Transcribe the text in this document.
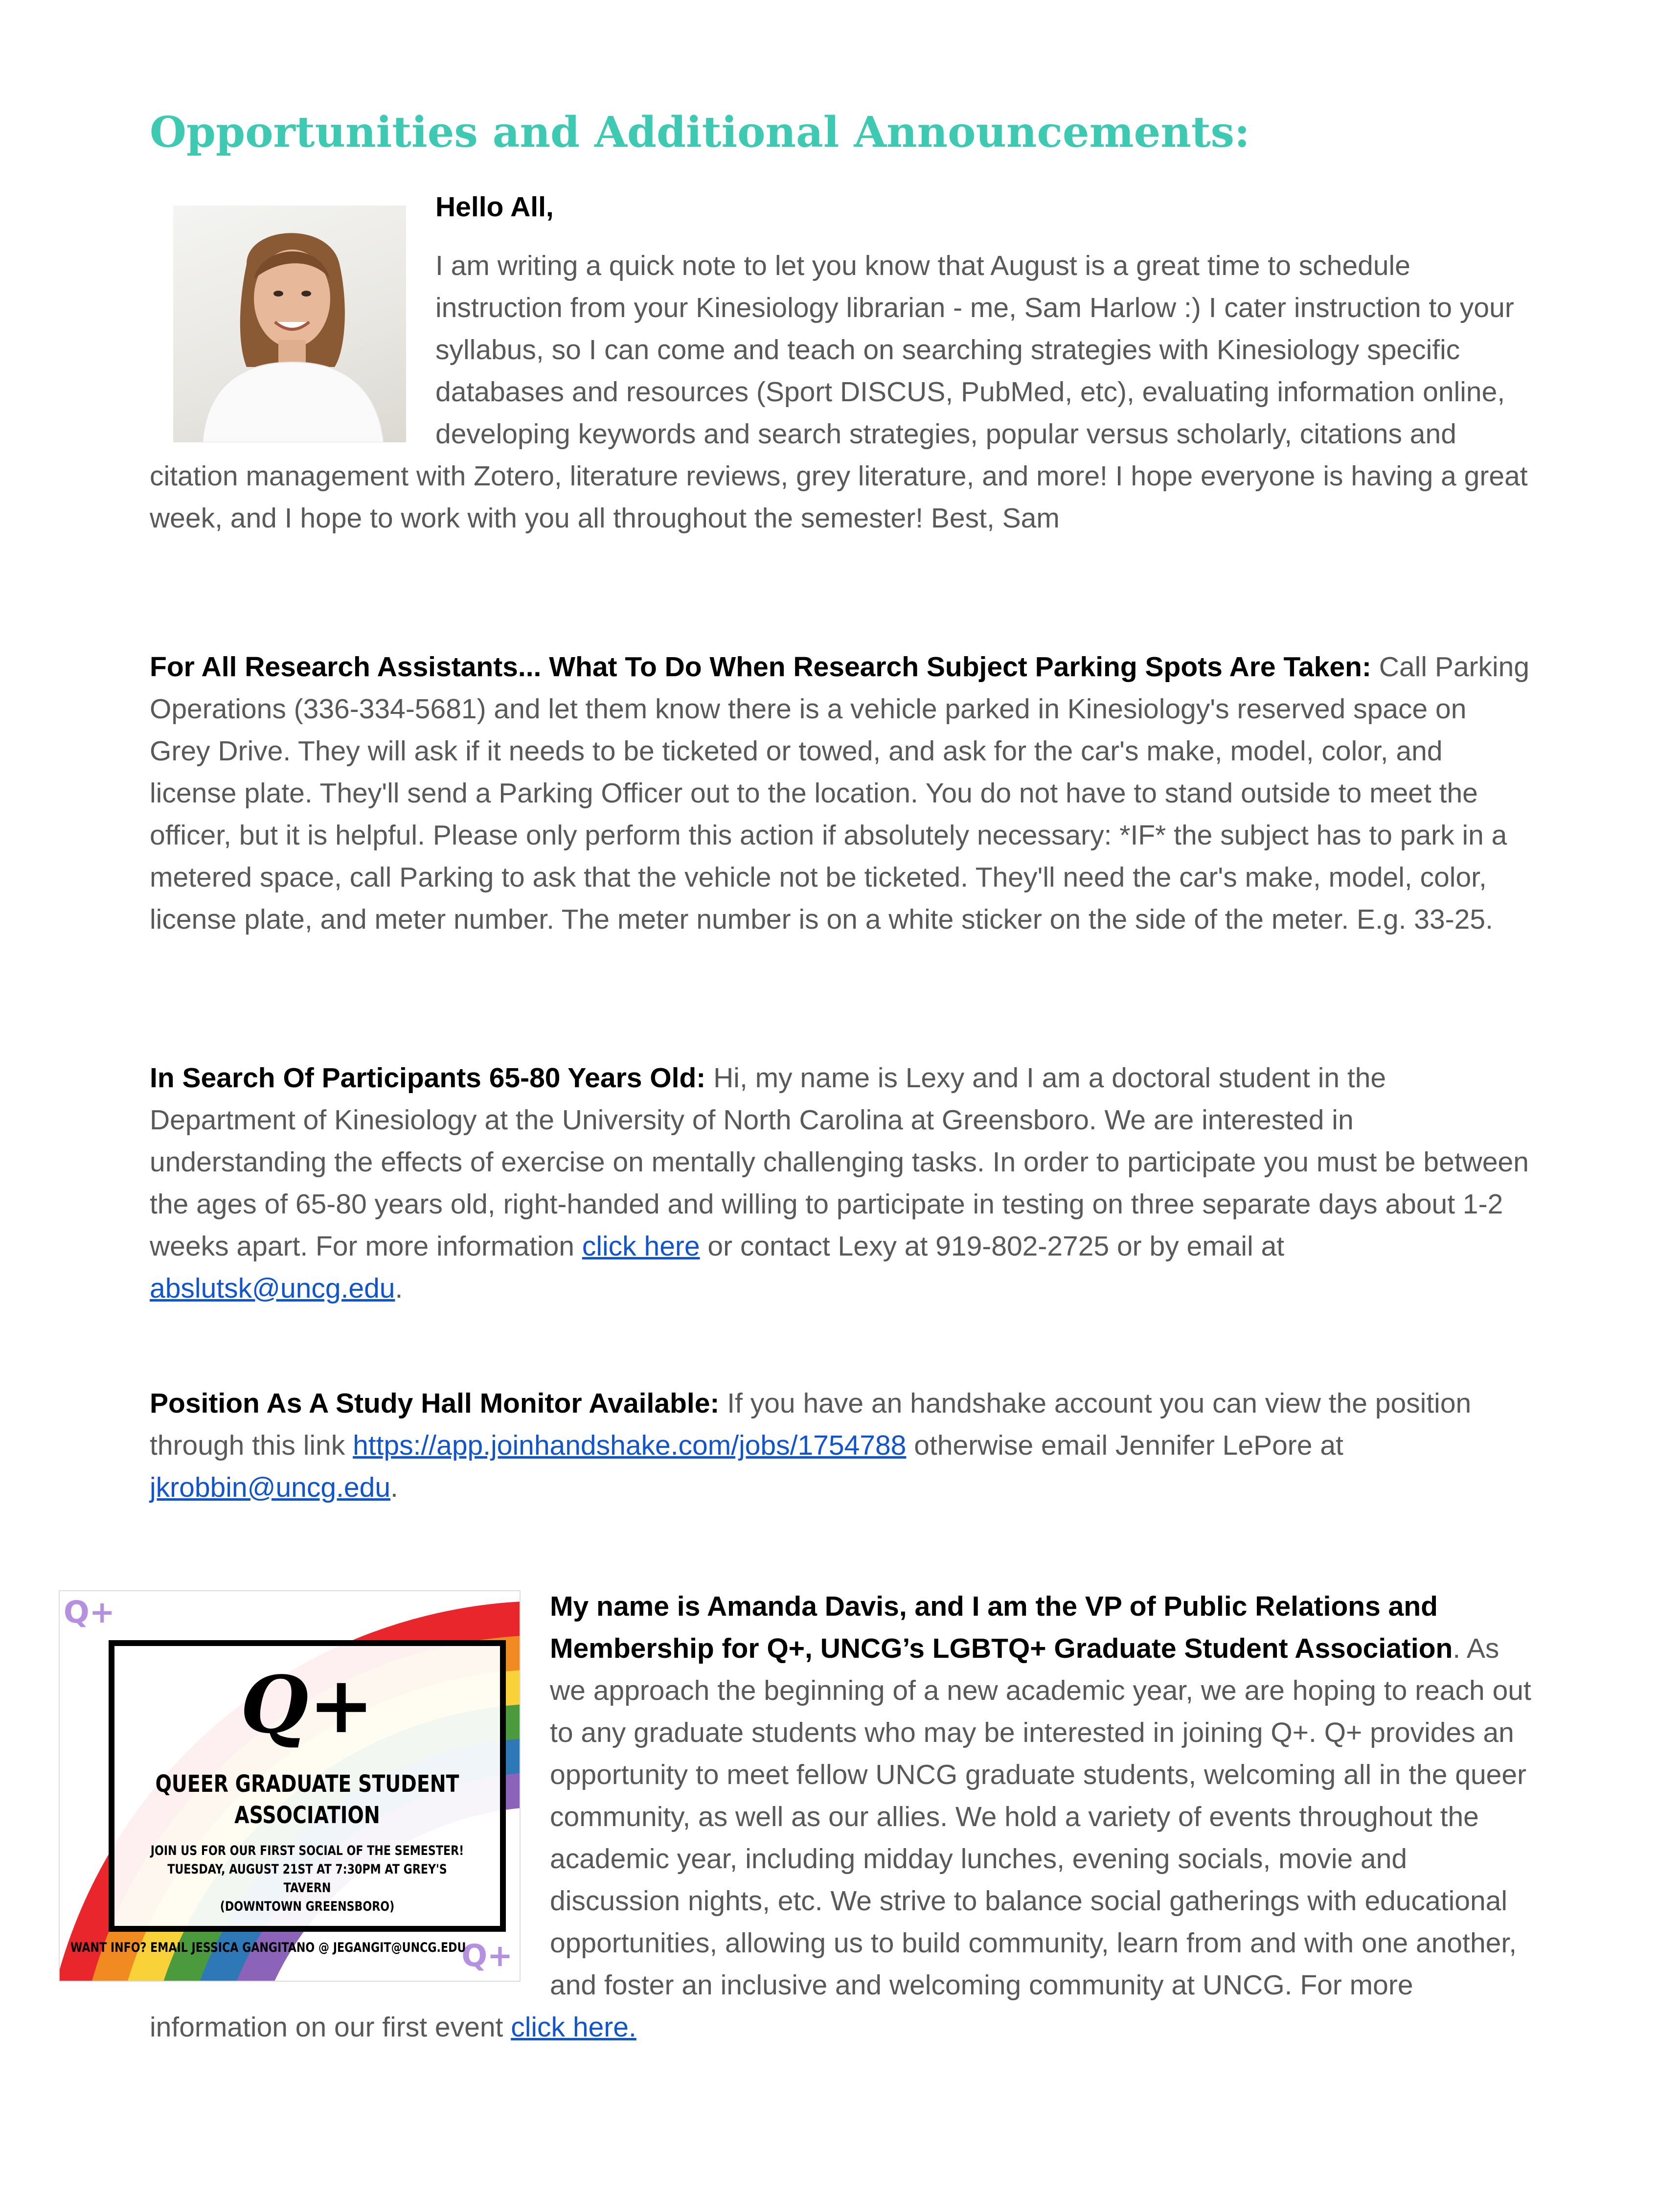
Opportunities and Additional Announcements:
Hello All,
I am writing a quick note to let you know that August is a great time to schedule instruction from your Kinesiology librarian - me, Sam Harlow :) I cater instruction to your syllabus, so I can come and teach on searching strategies with Kinesiology specific databases and resources (Sport DISCUS, PubMed, etc), evaluating information online, developing keywords and search strategies, popular versus scholarly, citations and citation management with Zotero, literature reviews, grey literature, and more! I hope everyone is having a great week, and I hope to work with you all throughout the semester! Best, Sam

For All Research Assistants... What To Do When Research Subject Parking Spots Are Taken: Call Parking Operations (336-334-5681) and let them know there is a vehicle parked in Kinesiology's reserved space on Grey Drive. They will ask if it needs to be ticketed or towed, and ask for the car's make, model, color, and license plate. They'll send a Parking Officer out to the location. You do not have to stand outside to meet the officer, but it is helpful. Please only perform this action if absolutely necessary: *IF* the subject has to park in a metered space, call Parking to ask that the vehicle not be ticketed. They'll need the car's make, model, color, license plate, and meter number. The meter number is on a white sticker on the side of the meter. E.g. 33-25.

In Search Of Participants 65-80 Years Old: Hi, my name is Lexy and I am a doctoral student in the Department of Kinesiology at the University of North Carolina at Greensboro. We are interested in understanding the effects of exercise on mentally challenging tasks. In order to participate you must be between the ages of 65-80 years old, right-handed and willing to participate in testing on three separate days about 1-2 weeks apart. For more information click here or contact Lexy at 919-802-2725 or by email at abslutsk@uncg.edu.

Position As A Study Hall Monitor Available: If you have an handshake account you can view the position through this link https://app.joinhandshake.com/jobs/1754788 otherwise email Jennifer LePore at jkrobbin@uncg.edu.

Q+
Q+
Q+
QUEER GRADUATE STUDENT
ASSOCIATION
JOIN US FOR OUR FIRST SOCIAL OF THE SEMESTER!
TUESDAY, AUGUST 21ST AT 7:30PM AT GREY'S TAVERN
(DOWNTOWN GREENSBORO)
WANT INFO? EMAIL JESSICA GANGITANO @ JEGANGIT@UNCG.EDU
My name is Amanda Davis, and I am the VP of Public Relations and Membership for Q+, UNCG’s LGBTQ+ Graduate Student Association. As we approach the beginning of a new academic year, we are hoping to reach out to any graduate students who may be interested in joining Q+. Q+ provides an opportunity to meet fellow UNCG graduate students, welcoming all in the queer community, as well as our allies. We hold a variety of events throughout the academic year, including midday lunches, evening socials, movie and discussion nights, etc. We strive to balance social gatherings with educational opportunities, allowing us to build community, learn from and with one another, and foster an inclusive and welcoming community at UNCG. For more information on our first event click here.
